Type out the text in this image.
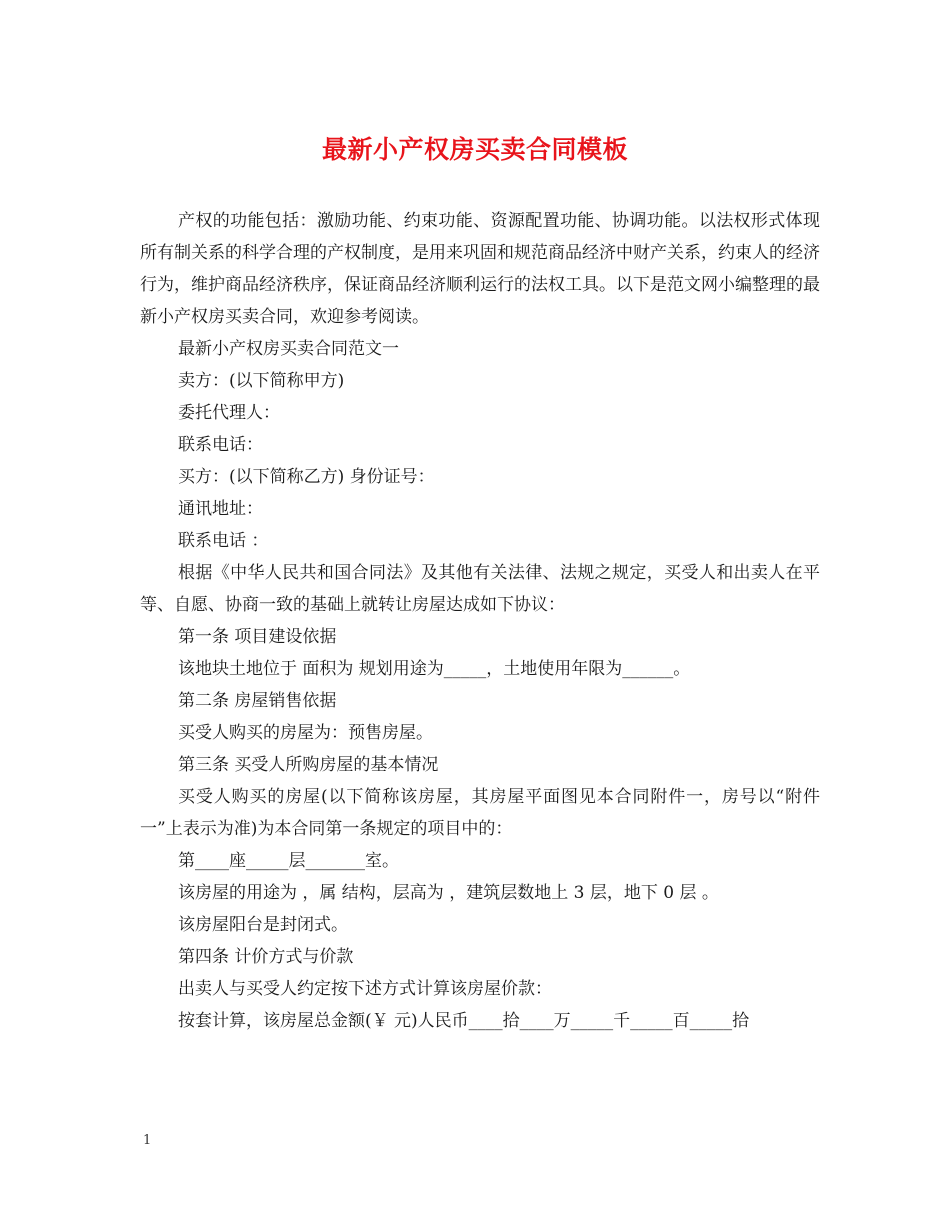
最新小产权房买卖合同模板

产权的功能包括：激励功能、约束功能、资源配置功能、协调功能。以法权形式体现所有制关系的科学合理的产权制度，是用来巩固和规范商品经济中财产关系，约束人的经济行为，维护商品经济秩序，保证商品经济顺利运行的法权工具。以下是范文网小编整理的最新小产权房买卖合同，欢迎参考阅读。

最新小产权房买卖合同范文一

卖方：(以下简称甲方)

委托代理人：

联系电话：

买方：(以下简称乙方) 身份证号：

通讯地址：

联系电话 ：

根据《中华人民共和国合同法》及其他有关法律、法规之规定，买受人和出卖人在平等、自愿、协商一致的基础上就转让房屋达成如下协议：

第一条 项目建设依据

该地块土地位于 面积为 规划用途为_____，土地使用年限为______。

第二条 房屋销售依据

买受人购买的房屋为：预售房屋。

第三条 买受人所购房屋的基本情况

买受人购买的房屋(以下简称该房屋，其房屋平面图见本合同附件一，房号以“附件一”上表示为准)为本合同第一条规定的项目中的：

第____座_____层_______室。

该房屋的用途为 ，属 结构，层高为 ，建筑层数地上 3 层，地下 0 层 。

该房屋阳台是封闭式。

第四条 计价方式与价款

出卖人与买受人约定按下述方式计算该房屋价款：

按套计算，该房屋总金额(￥ 元)人民币____拾____万_____千_____百_____拾

1
